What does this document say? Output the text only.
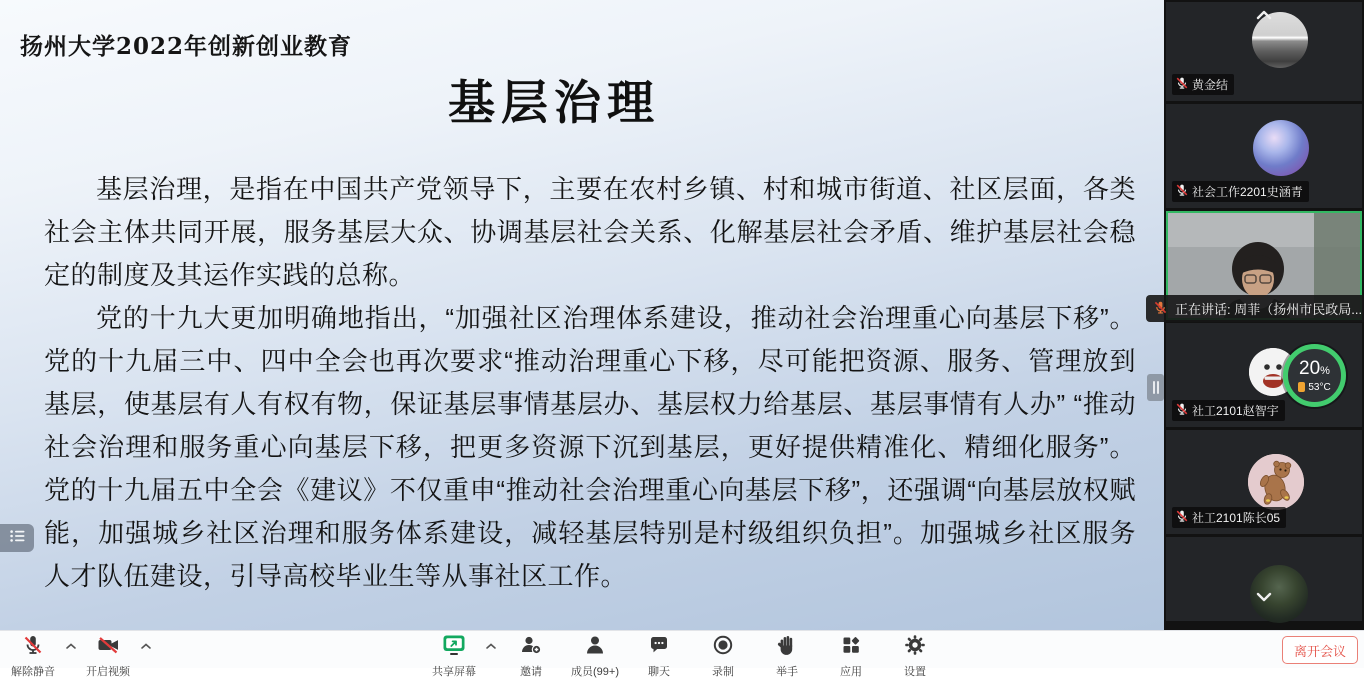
扬州大学2022年创新创业教育
基层治理

基层治理，是指在中国共产党领导下，主要在农村乡镇、村和城市街道、社区层面，各类社会主体共同开展，服务基层大众、协调基层社会关系、化解基层社会矛盾、维护基层社会稳定的制度及其运作实践的总称。

党的十九大更加明确地指出，“加强社区治理体系建设，推动社会治理重心向基层下移”。党的十九届三中、四中全会也再次要求“推动治理重心下移，尽可能把资源、服务、管理放到基层，使基层有人有权有物，保证基层事情基层办、基层权力给基层、基层事情有人办” “推动社会治理和服务重心向基层下移，把更多资源下沉到基层，更好提供精准化、精细化服务”。党的十九届五中全会《建议》不仅重申“推动社会治理重心向基层下移”，还强调“向基层放权赋能，加强城乡社区治理和服务体系建设，减轻基层特别是村级组织负担”。加强城乡社区服务人才队伍建设，引导高校毕业生等从事社区工作。

黄金结
社会工作2201史涵青
20%
53°C
社工2101赵智宇
社工2101陈长05
正在讲话: 周菲（扬州市民政局...
解除静音	开启视频	共享屏幕	邀请	成员(99+)	聊天	录制	举手	应用	设置
离开会议
